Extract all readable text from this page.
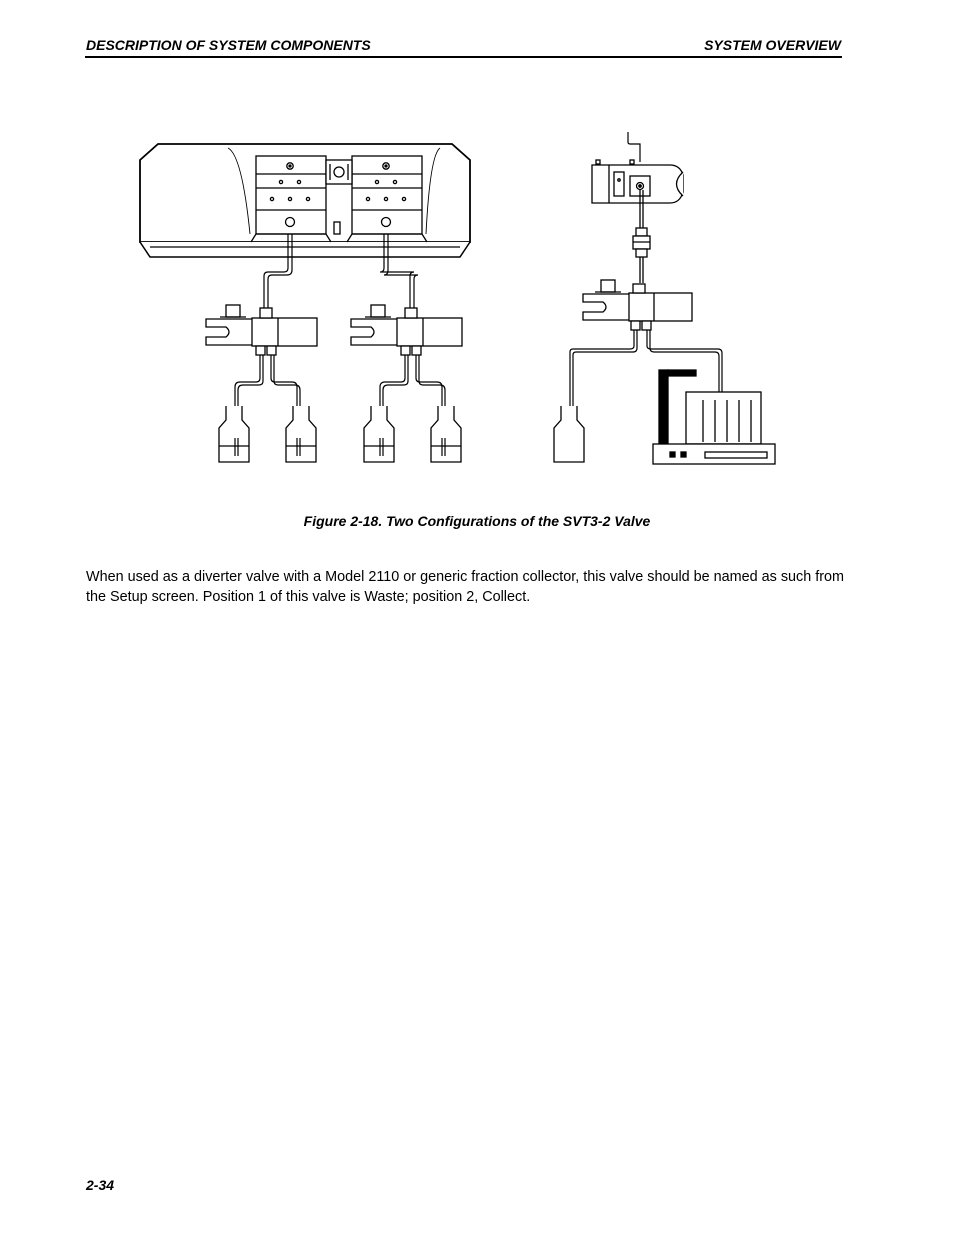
DESCRIPTION OF SYSTEM COMPONENTS	SYSTEM OVERVIEW
Figure 2-18. Two Configurations of the SVT3-2 Valve
When used as a diverter valve with a Model 2110 or generic fraction collector, this valve should be named as such from the Setup screen. Position 1 of this valve is Waste; position 2, Collect.
2-34
